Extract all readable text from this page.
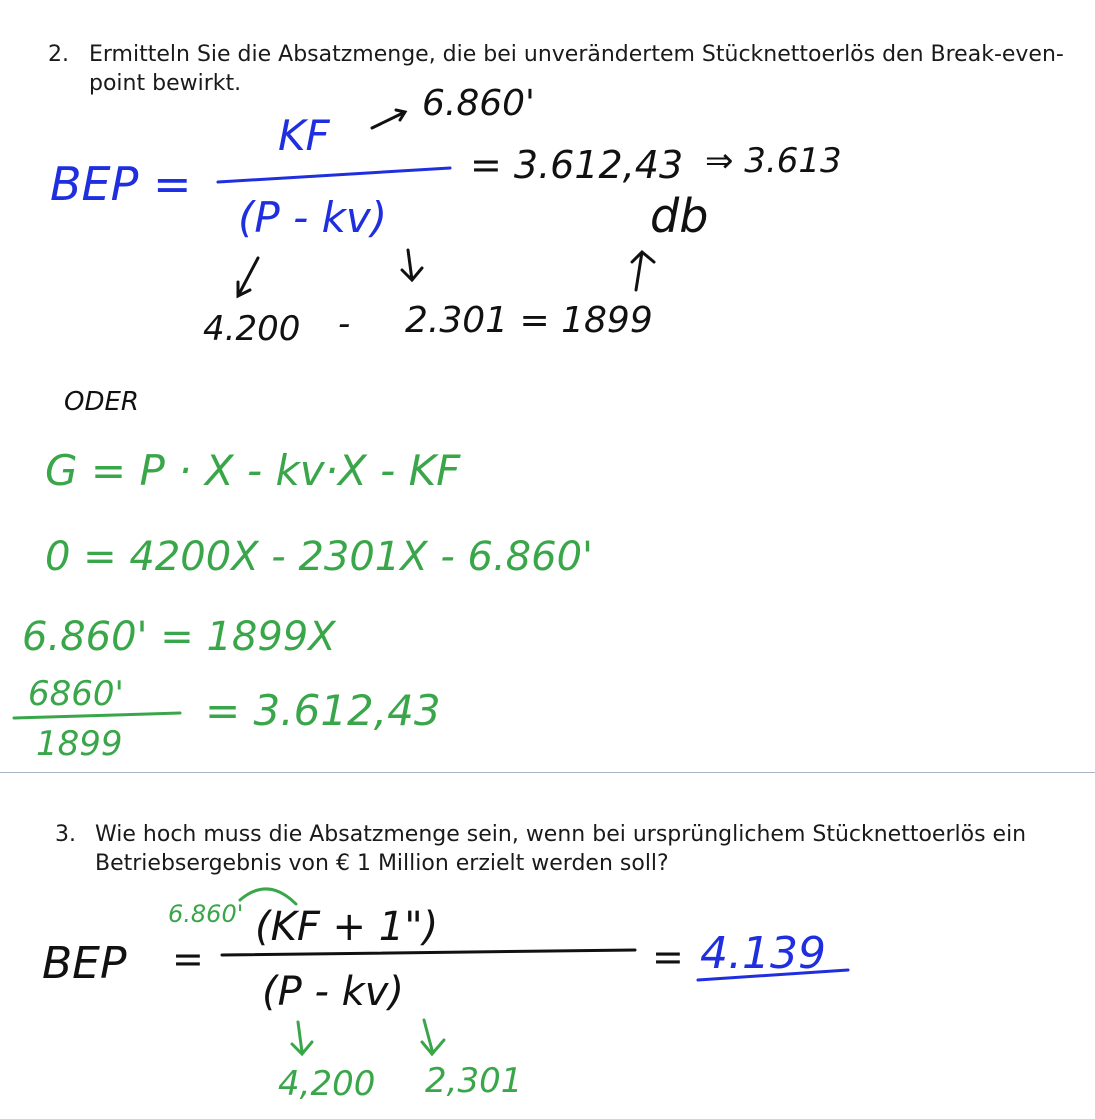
2. Ermitteln Sie die Absatzmenge, die bei unverändertem Stücknettoerlös den Break-even-
point bewirkt.	6.860'
BEP =
KF
(P - kv)
= 3.612,43 ⇒ 3.613
db
4.200 - 2.301 = 1899
ODER
G = P · X - kv·X - KF
0 = 4200X - 2301X - 6.860'
6.860' = 1899X
6860'
1899
= 3.612,43
6.860'
BEP =
(KF + 1")
(P - kv)
= 4.139
4,200 2,301
3. Wie hoch muss die Absatzmenge sein, wenn bei ursprünglichem Stücknettoerlös ein
Betriebsergebnis von € 1 Million erzielt werden soll?
